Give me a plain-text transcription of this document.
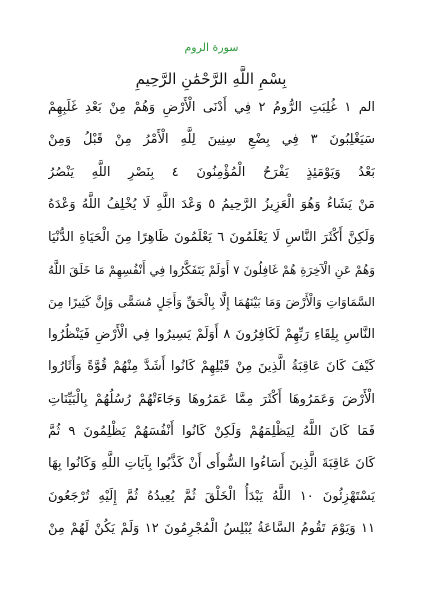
سورة الروم
بِسْمِ اللَّهِ الرَّحْمَٰنِ الرَّحِيمِ
الم ١ غُلِبَتِ الرُّومُ ٢ فِي أَدْنَى الْأَرْضِ وَهُمْ مِنْ بَعْدِ غَلَبِهِمْ
سَيَغْلِبُونَ ٣ فِي بِضْعِ سِنِينَ لِلَّهِ الْأَمْرُ مِنْ قَبْلُ وَمِنْ
بَعْدُ وَيَوْمَئِذٍ يَفْرَحُ الْمُؤْمِنُونَ ٤ بِنَصْرِ اللَّهِ يَنْصُرُ
مَنْ يَشَاءُ وَهُوَ الْعَزِيزُ الرَّحِيمُ ٥ وَعْدَ اللَّهِ لَا يُخْلِفُ اللَّهُ وَعْدَهُ
وَلَكِنَّ أَكْثَرَ النَّاسِ لَا يَعْلَمُونَ ٦ يَعْلَمُونَ ظَاهِرًا مِنَ الْحَيَاةِ الدُّنْيَا
وَهُمْ عَنِ الْآخِرَةِ هُمْ غَافِلُونَ ٧ أَوَلَمْ يَتَفَكَّرُوا فِي أَنْفُسِهِمْ مَا خَلَقَ اللَّهُ
السَّمَاوَاتِ وَالْأَرْضَ وَمَا بَيْنَهُمَا إِلَّا بِالْحَقِّ وَأَجَلٍ مُسَمًّى وَإِنَّ كَثِيرًا مِنَ
النَّاسِ بِلِقَاءِ رَبِّهِمْ لَكَافِرُونَ ٨ أَوَلَمْ يَسِيرُوا فِي الْأَرْضِ فَيَنْظُرُوا
كَيْفَ كَانَ عَاقِبَةُ الَّذِينَ مِنْ قَبْلِهِمْ كَانُوا أَشَدَّ مِنْهُمْ قُوَّةً وَأَثَارُوا
الْأَرْضَ وَعَمَرُوهَا أَكْثَرَ مِمَّا عَمَرُوهَا وَجَاءَتْهُمْ رُسُلُهُمْ بِالْبَيِّنَاتِ
فَمَا كَانَ اللَّهُ لِيَظْلِمَهُمْ وَلَكِنْ كَانُوا أَنْفُسَهُمْ يَظْلِمُونَ ٩ ثُمَّ
كَانَ عَاقِبَةَ الَّذِينَ أَسَاءُوا السُّوأَى أَنْ كَذَّبُوا بِآيَاتِ اللَّهِ وَكَانُوا بِهَا
يَسْتَهْزِئُونَ ١٠ اللَّهُ يَبْدَأُ الْخَلْقَ ثُمَّ يُعِيدُهُ ثُمَّ إِلَيْهِ تُرْجَعُونَ
١١ وَيَوْمَ تَقُومُ السَّاعَةُ يُبْلِسُ الْمُجْرِمُونَ ١٢ وَلَمْ يَكُنْ لَهُمْ مِنْ
